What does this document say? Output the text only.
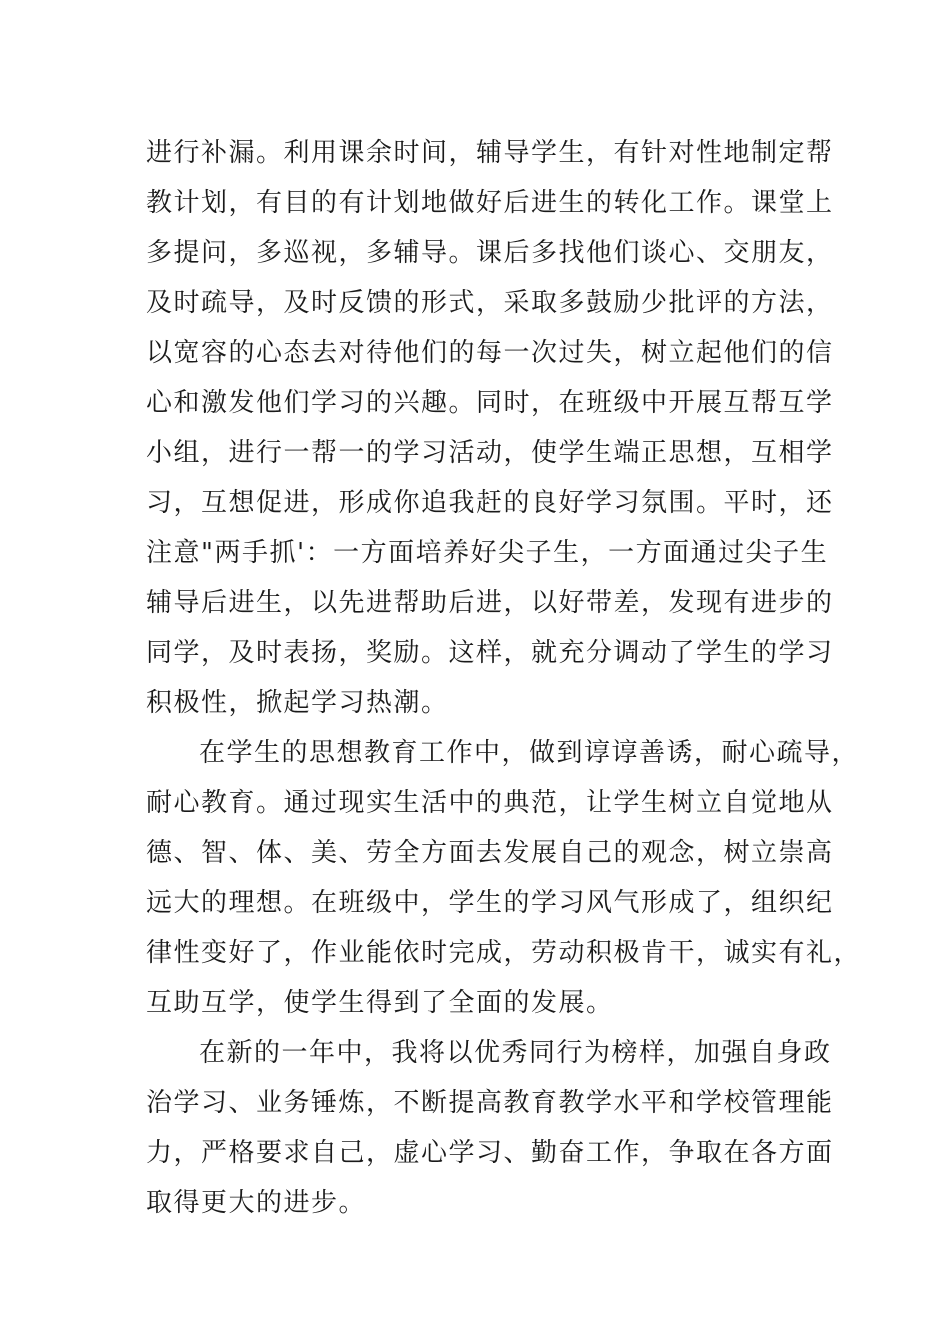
进行补漏。利用课余时间，辅导学生，有针对性地制定帮
教计划，有目的有计划地做好后进生的转化工作。课堂上
多提问，多巡视，多辅导。课后多找他们谈心、交朋友，
及时疏导，及时反馈的形式，采取多鼓励少批评的方法，
以宽容的心态去对待他们的每一次过失，树立起他们的信
心和激发他们学习的兴趣。同时，在班级中开展互帮互学
小组，进行一帮一的学习活动，使学生端正思想，互相学
习，互想促进，形成你追我赶的良好学习氛围。平时，还
注意"两手抓'：一方面培养好尖子生，一方面通过尖子生
辅导后进生，以先进帮助后进，以好带差，发现有进步的
同学，及时表扬，奖励。这样，就充分调动了学生的学习
积极性，掀起学习热潮。
在学生的思想教育工作中，做到谆谆善诱，耐心疏导，
耐心教育。通过现实生活中的典范，让学生树立自觉地从
德、智、体、美、劳全方面去发展自己的观念，树立崇高
远大的理想。在班级中，学生的学习风气形成了，组织纪
律性变好了，作业能依时完成，劳动积极肯干，诚实有礼，
互助互学，使学生得到了全面的发展。
在新的一年中，我将以优秀同行为榜样，加强自身政
治学习、业务锤炼，不断提高教育教学水平和学校管理能
力，严格要求自己，虚心学习、勤奋工作，争取在各方面
取得更大的进步。
